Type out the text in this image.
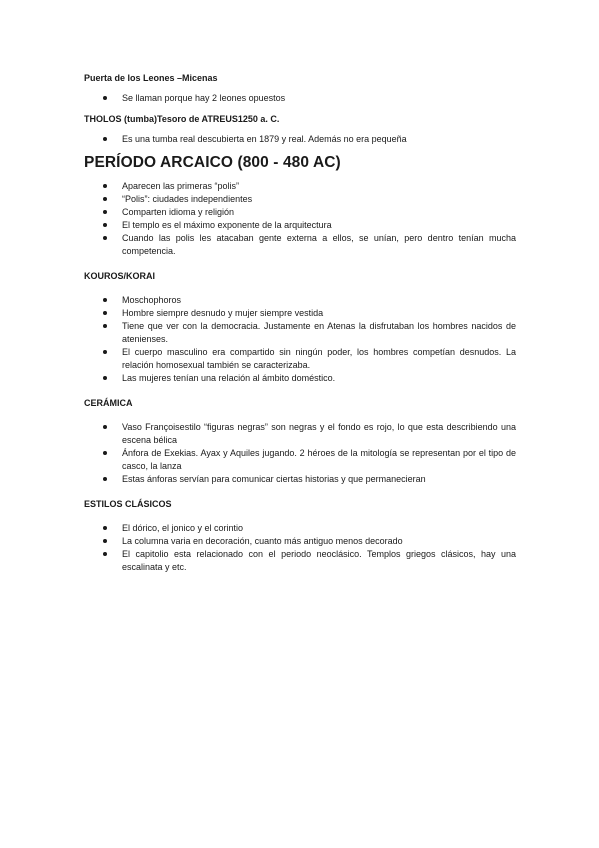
Puerta de los Leones –Micenas

Se llaman porque hay 2 leones opuestos

THOLOS (tumba)Tesoro de ATREUS1250 a. C.

Es una tumba real descubierta en 1879 y real. Además no era pequeña

PERÍODO ARCAICO (800 - 480 AC)

Aparecen las primeras “polis”
“Polis”: ciudades independientes
Comparten idioma y religión
El templo es el máximo exponente de la arquitectura
Cuando las polis les atacaban gente externa a ellos, se unían, pero dentro tenían mucha competencia.

KOUROS/KORAI

Moschophoros
Hombre siempre desnudo y mujer siempre vestida
Tiene que ver con la democracia. Justamente en Atenas la disfrutaban los hombres nacidos de atenienses.
El cuerpo masculino era compartido sin ningún poder, los hombres competían desnudos. La relación homosexual también se caracterizaba.
Las mujeres tenían una relación al ámbito doméstico.

CERÁMICA

Vaso Françoisestilo “figuras negras” son negras y el fondo es rojo, lo que esta describiendo una escena bélica
Ánfora de Exekias. Ayax y Aquiles jugando. 2 héroes de la mitología se representan por el tipo de casco, la lanza
Estas ánforas servían para comunicar ciertas historias y que permanecieran

ESTILOS CLÁSICOS

El dórico, el jonico y el corintio
La columna varia en decoración, cuanto más antiguo menos decorado
El capitolio esta relacionado con el periodo neoclásico. Templos griegos clásicos, hay una escalinata y etc.
